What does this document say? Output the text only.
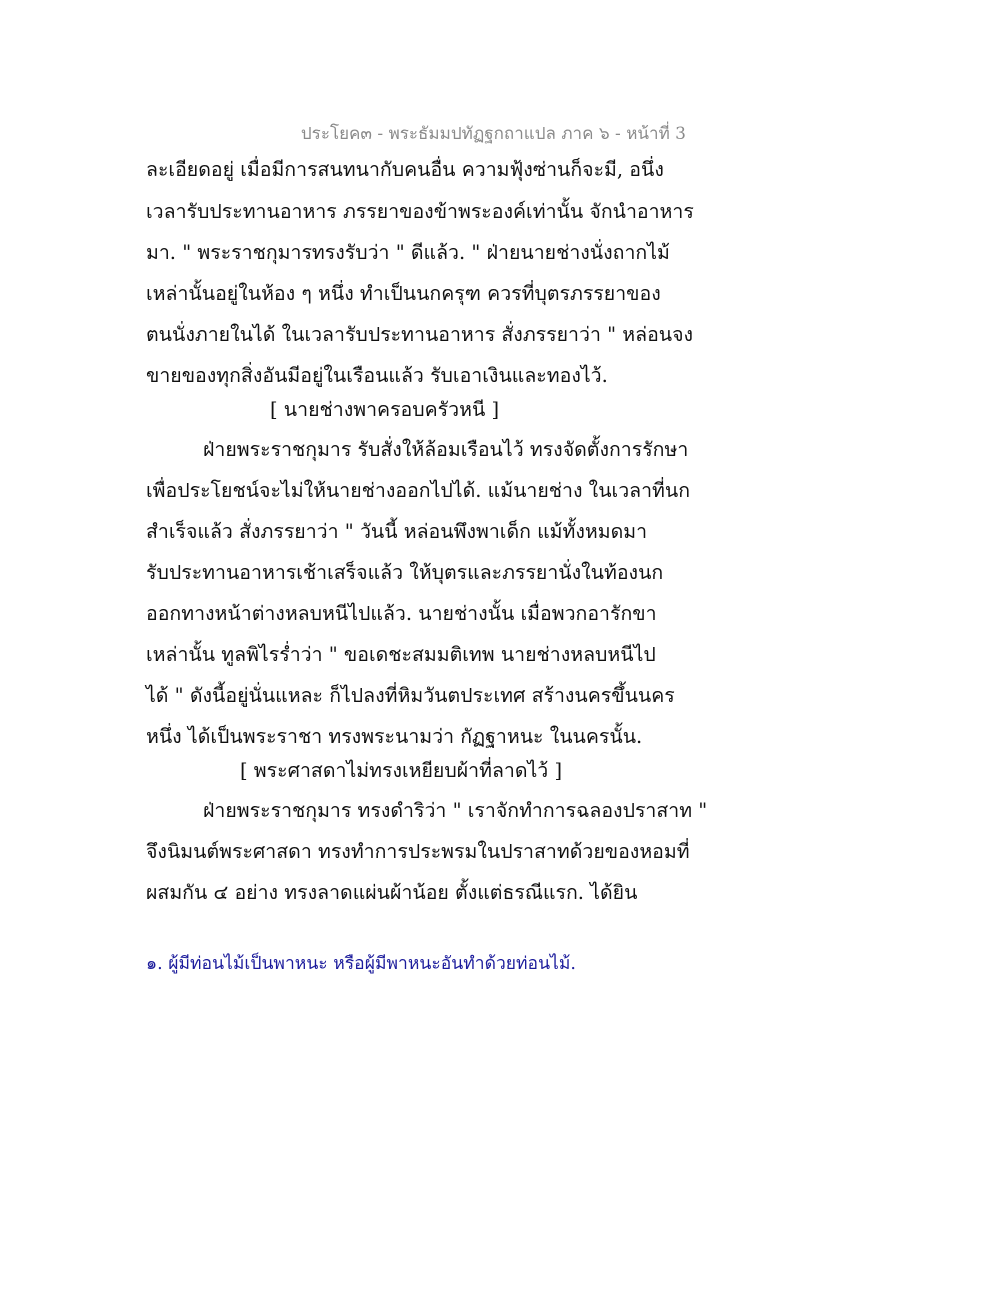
ประโยค๓ - พระธัมมปทัฏฐกถาแปล ภาค ๖ - หน้าที่ 3
ละเอียดอยู่ เมื่อมีการสนทนากับคนอื่น ความฟุ้งซ่านก็จะมี, อนึ่ง
เวลารับประทานอาหาร ภรรยาของข้าพระองค์เท่านั้น จักนำอาหาร
มา. " พระราชกุมารทรงรับว่า " ดีแล้ว. " ฝ่ายนายช่างนั่งถากไม้
เหล่านั้นอยู่ในห้อง ๆ หนึ่ง ทำเป็นนกครุฑ ควรที่บุตรภรรยาของ
ตนนั่งภายในได้ ในเวลารับประทานอาหาร สั่งภรรยาว่า " หล่อนจง
ขายของทุกสิ่งอันมีอยู่ในเรือนแล้ว รับเอาเงินและทองไว้.
[ นายช่างพาครอบครัวหนี ]
ฝ่ายพระราชกุมาร รับสั่งให้ล้อมเรือนไว้ ทรงจัดตั้งการรักษา
เพื่อประโยชน์จะไม่ให้นายช่างออกไปได้. แม้นายช่าง ในเวลาที่นก
สำเร็จแล้ว สั่งภรรยาว่า " วันนี้ หล่อนพึงพาเด็ก แม้ทั้งหมดมา
รับประทานอาหารเช้าเสร็จแล้ว ให้บุตรและภรรยานั่งในท้องนก
ออกทางหน้าต่างหลบหนีไปแล้ว. นายช่างนั้น เมื่อพวกอารักขา
เหล่านั้น ทูลพิไรร่ำว่า " ขอเดชะสมมติเทพ นายช่างหลบหนีไป
ได้ " ดังนี้อยู่นั่นแหละ ก็ไปลงที่หิมวันตประเทศ สร้างนครขึ้นนคร
หนึ่ง ได้เป็นพระราชา ทรงพระนามว่า กัฏฐาหนะ ในนครนั้น.
[ พระศาสดาไม่ทรงเหยียบผ้าที่ลาดไว้ ]
ฝ่ายพระราชกุมาร ทรงดำริว่า " เราจักทำการฉลองปราสาท "
จึงนิมนต์พระศาสดา ทรงทำการประพรมในปราสาทด้วยของหอมที่
ผสมกัน ๔ อย่าง ทรงลาดแผ่นผ้าน้อย ตั้งแต่ธรณีแรก. ได้ยิน
๑. ผู้มีท่อนไม้เป็นพาหนะ หรือผู้มีพาหนะอันทำด้วยท่อนไม้.
